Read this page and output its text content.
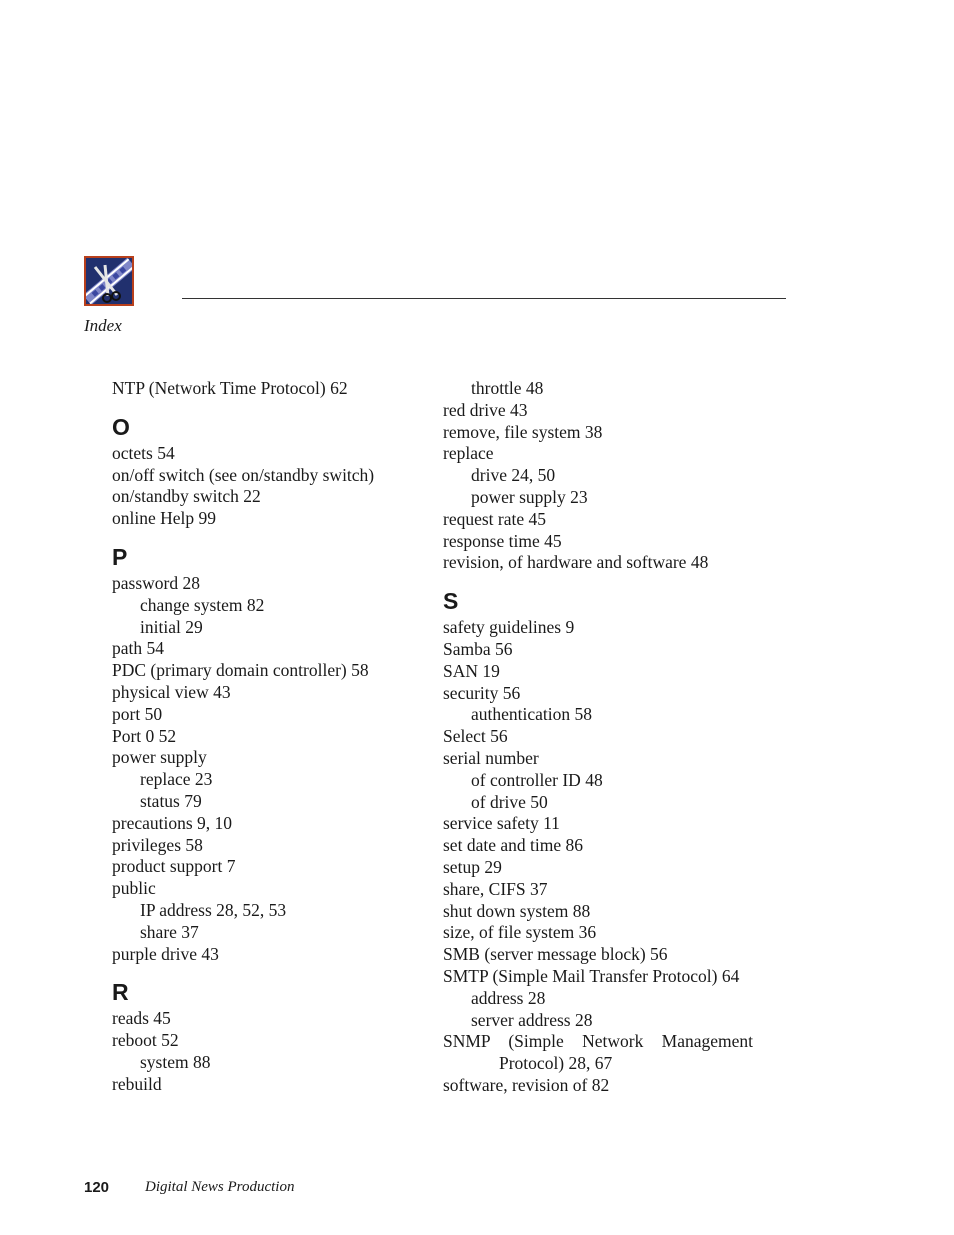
Index
NTP (Network Time Protocol) 62
O
octets 54
on/off switch (see on/standby switch)
on/standby switch 22
online Help 99
P
password 28
change system 82
initial 29
path 54
PDC (primary domain controller) 58
physical view 43
port 50
Port 0 52
power supply
replace 23
status 79
precautions 9, 10
privileges 58
product support 7
public
IP address 28, 52, 53
share 37
purple drive 43
R
reads 45
reboot 52
system 88
rebuild
throttle 48
red drive 43
remove, file system 38
replace
drive 24, 50
power supply 23
request rate 45
response time 45
revision, of hardware and software 48
S
safety guidelines 9
Samba 56
SAN 19
security 56
authentication 58
Select 56
serial number
of controller ID 48
of drive 50
service safety 11
set date and time 86
setup 29
share, CIFS 37
shut down system 88
size, of file system 36
SMB (server message block) 56
SMTP (Simple Mail Transfer Protocol) 64
address 28
server address 28
SNMP (Simple Network Management Protocol) 28, 67
software, revision of 82
120 Digital News Production
